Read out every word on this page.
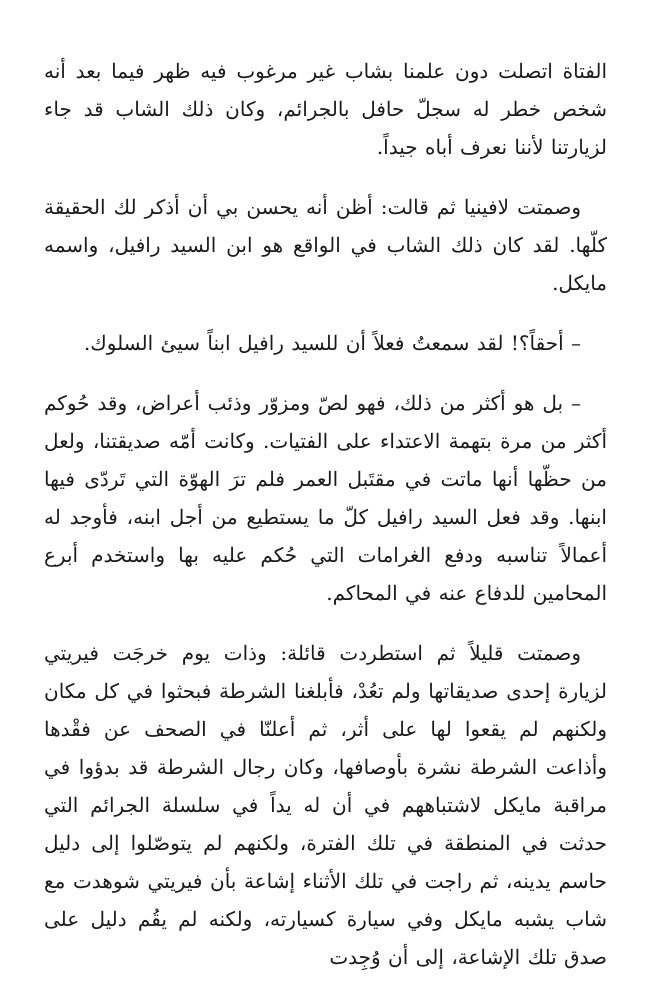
الفتاة اتصلت دون علمنا بشاب غير مرغوب فيه ظهر فيما بعد أنه شخص خطر له سجلّ حافل بالجرائم، وكان ذلك الشاب قد جاء لزيارتنا لأننا نعرف أباه جيداً.

وصمتت لافينيا ثم قالت: أظن أنه يحسن بي أن أذكر لك الحقيقة كلّها. لقد كان ذلك الشاب في الواقع هو ابن السيد رافيل، واسمه مايكل.

– أحقاً؟! لقد سمعتُ فعلاً أن للسيد رافيل ابناً سيئ السلوك.

– بل هو أكثر من ذلك، فهو لصّ ومزوّر وذئب أعراض، وقد حُوكم أكثر من مرة بتهمة الاعتداء على الفتيات. وكانت أمّه صديقتنا، ولعل من حظّها أنها ماتت في مقتَبل العمر فلم ترَ الهوّة التي تَردّى فيها ابنها. وقد فعل السيد رافيل كلّ ما يستطيع من أجل ابنه، فأوجد له أعمالاً تناسبه ودفع الغرامات التي حُكم عليه بها واستخدم أبرع المحامين للدفاع عنه في المحاكم.

وصمتت قليلاً ثم استطردت قائلة: وذات يوم خرجَت فيريتي لزيارة إحدى صديقاتها ولم تعُدْ، فأبلغنا الشرطة فبحثوا في كل مكان ولكنهم لم يقعوا لها على أثر، ثم أعلنّا في الصحف عن فقْدها وأذاعت الشرطة نشرة بأوصافها، وكان رجال الشرطة قد بدؤوا في مراقبة مايكل لاشتباههم في أن له يداً في سلسلة الجرائم التي حدثت في المنطقة في تلك الفترة، ولكنهم لم يتوصّلوا إلى دليل حاسم يدينه، ثم راجت في تلك الأثناء إشاعة بأن فيريتي شوهدت مع شاب يشبه مايكل وفي سيارة كسيارته، ولكنه لم يقُم دليل على صدق تلك الإشاعة، إلى أن وُجِدت
